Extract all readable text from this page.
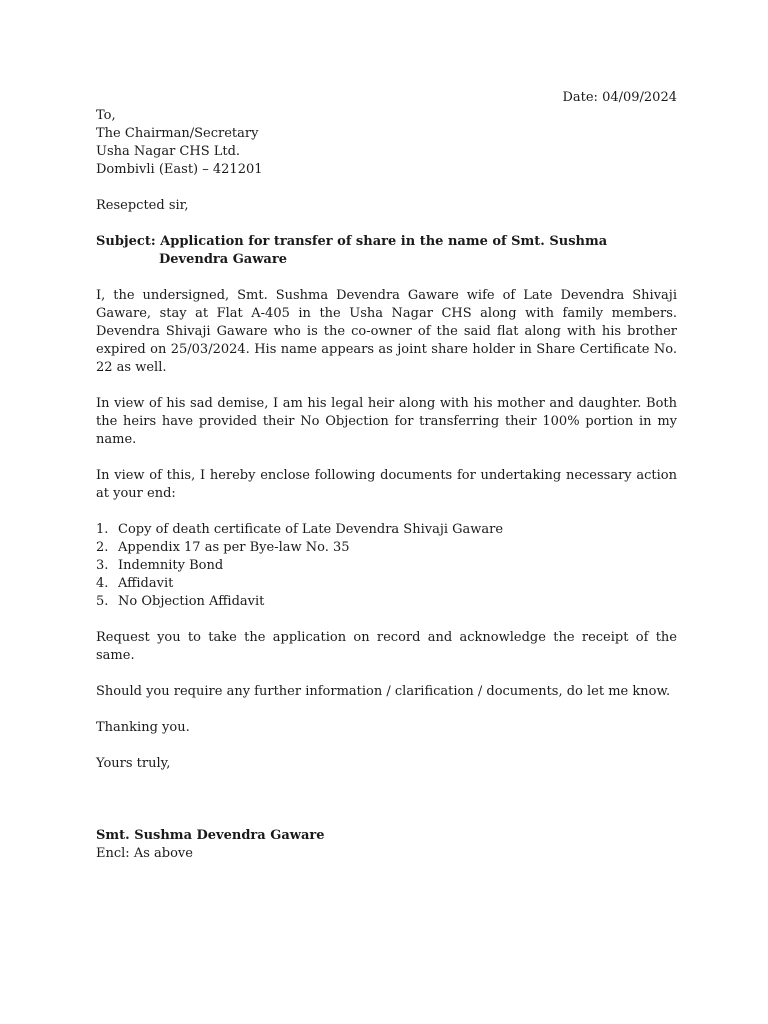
Date: 04/09/2024

To,
The Chairman/Secretary
Usha Nagar CHS Ltd.
Dombivli (East) – 421201

Resepcted sir,

Subject: Application for transfer of share in the name of Smt. Sushma
Devendra Gaware

I, the undersigned, Smt. Sushma Devendra Gaware wife of Late Devendra Shivaji Gaware, stay at Flat A-405 in the Usha Nagar CHS along with family members. Devendra Shivaji Gaware who is the co-owner of the said flat along with his brother expired on 25/03/2024. His name appears as joint share holder in Share Certificate No. 22 as well.

In view of his sad demise, I am his legal heir along with his mother and daughter. Both the heirs have provided their No Objection for transferring their 100% portion in my name.

In view of this, I hereby enclose following documents for undertaking necessary action at your end:

1. Copy of death certificate of Late Devendra Shivaji Gaware
2. Appendix 17 as per Bye-law No. 35
3. Indemnity Bond
4. Affidavit
5. No Objection Affidavit

Request you to take the application on record and acknowledge the receipt of the same.

Should you require any further information / clarification / documents, do let me know.

Thanking you.

Yours truly,

Smt. Sushma Devendra Gaware

Encl: As above
